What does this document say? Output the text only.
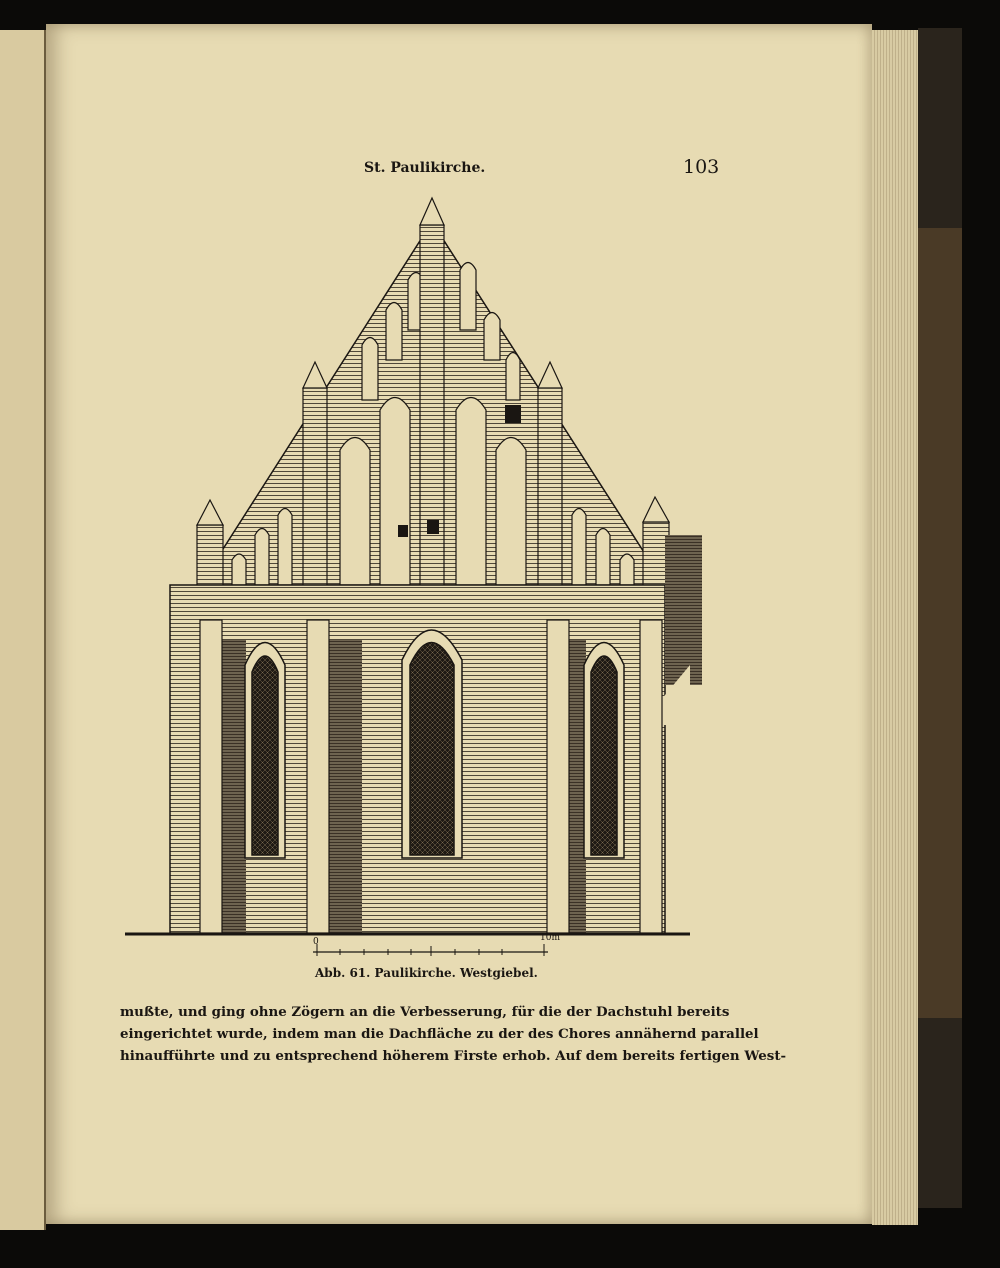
St. Paulikirche.	103
0	10m
Abb. 61. Paulikirche. Westgiebel.
mußte, und ging ohne Zögern an die Verbesserung, für die der Dachstuhl bereits
eingerichtet wurde, indem man die Dachfläche zu der des Chores annähernd parallel
hinaufführte und zu entsprechend höherem Firste erhob. Auf dem bereits fertigen West-
